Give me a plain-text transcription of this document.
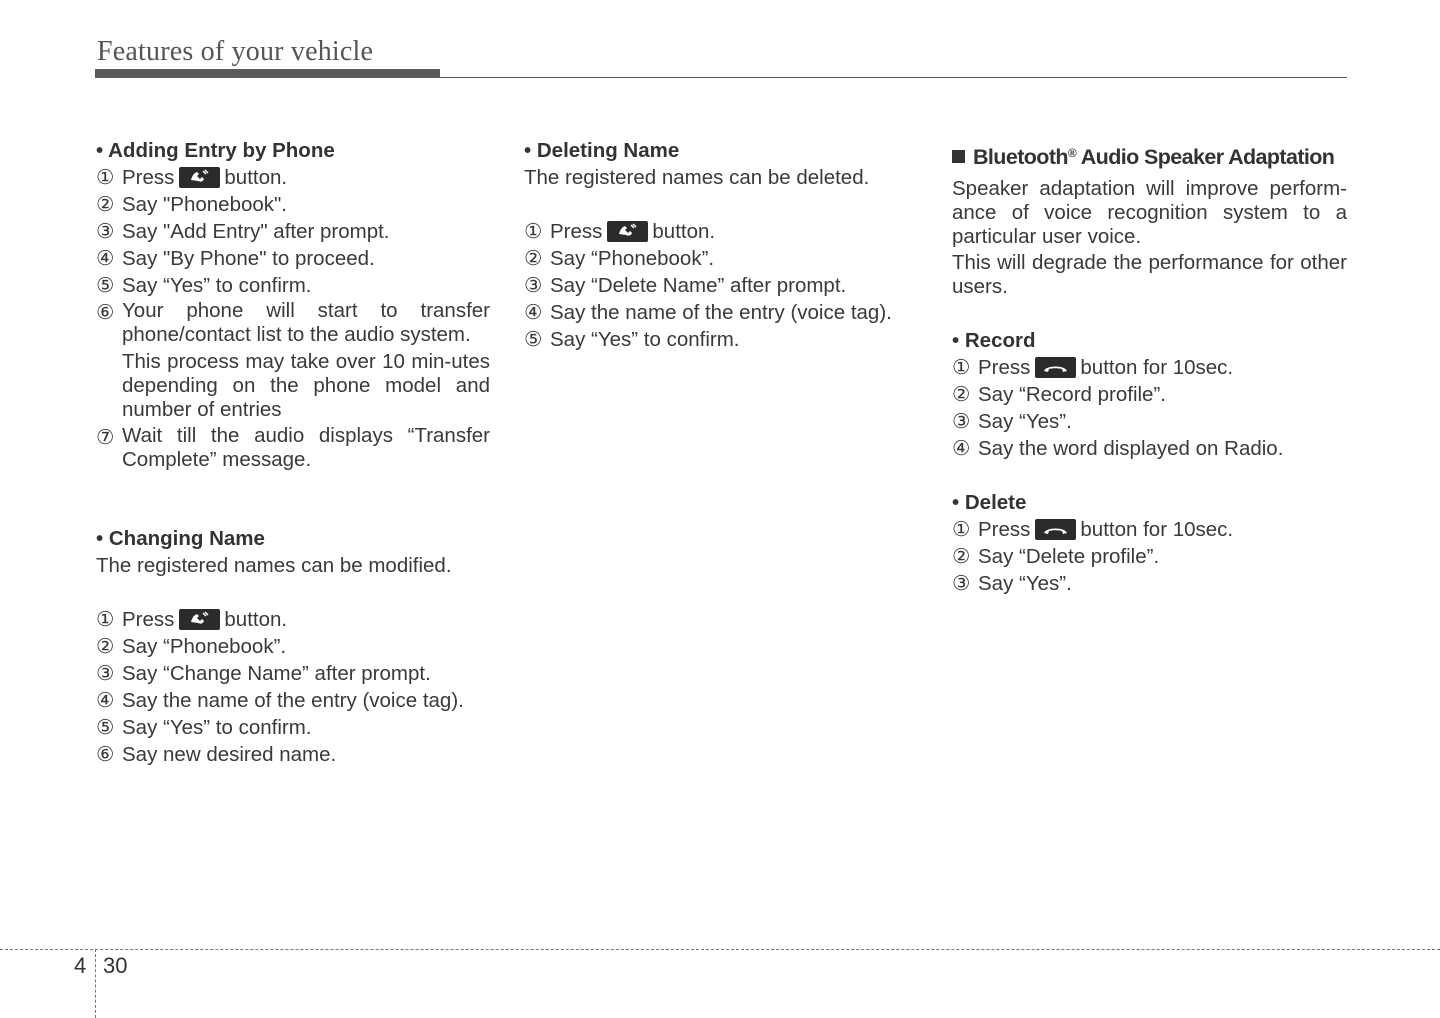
Features of your vehicle
• Adding Entry by Phone
① Press button.
② Say "Phonebook".
③ Say "Add Entry" after prompt.
④ Say "By Phone" to proceed.
⑤ Say “Yes” to confirm.
⑥ Your phone will start to transfer phone/contact list to the audio system.
This process may take over 10 min-utes depending on the phone model and number of entries
⑦ Wait till the audio displays “Transfer Complete” message.
• Changing Name
The registered names can be modified.
① Press button.
② Say “Phonebook”.
③ Say “Change Name” after prompt.
④ Say the name of the entry (voice tag).
⑤ Say “Yes” to confirm.
⑥ Say new desired name.
• Deleting Name
The registered names can be deleted.
① Press button.
② Say “Phonebook”.
③ Say “Delete Name” after prompt.
④ Say the name of the entry (voice tag).
⑤ Say “Yes” to confirm.
Bluetooth® Audio Speaker Adaptation
Speaker adaptation will improve perform-ance of voice recognition system to a particular user voice.
This will degrade the performance for other users.
• Record
① Press button for 10sec.
② Say “Record profile”.
③ Say “Yes”.
④ Say the word displayed on Radio.
• Delete
① Press button for 10sec.
② Say “Delete profile”.
③ Say “Yes”.
4 30
